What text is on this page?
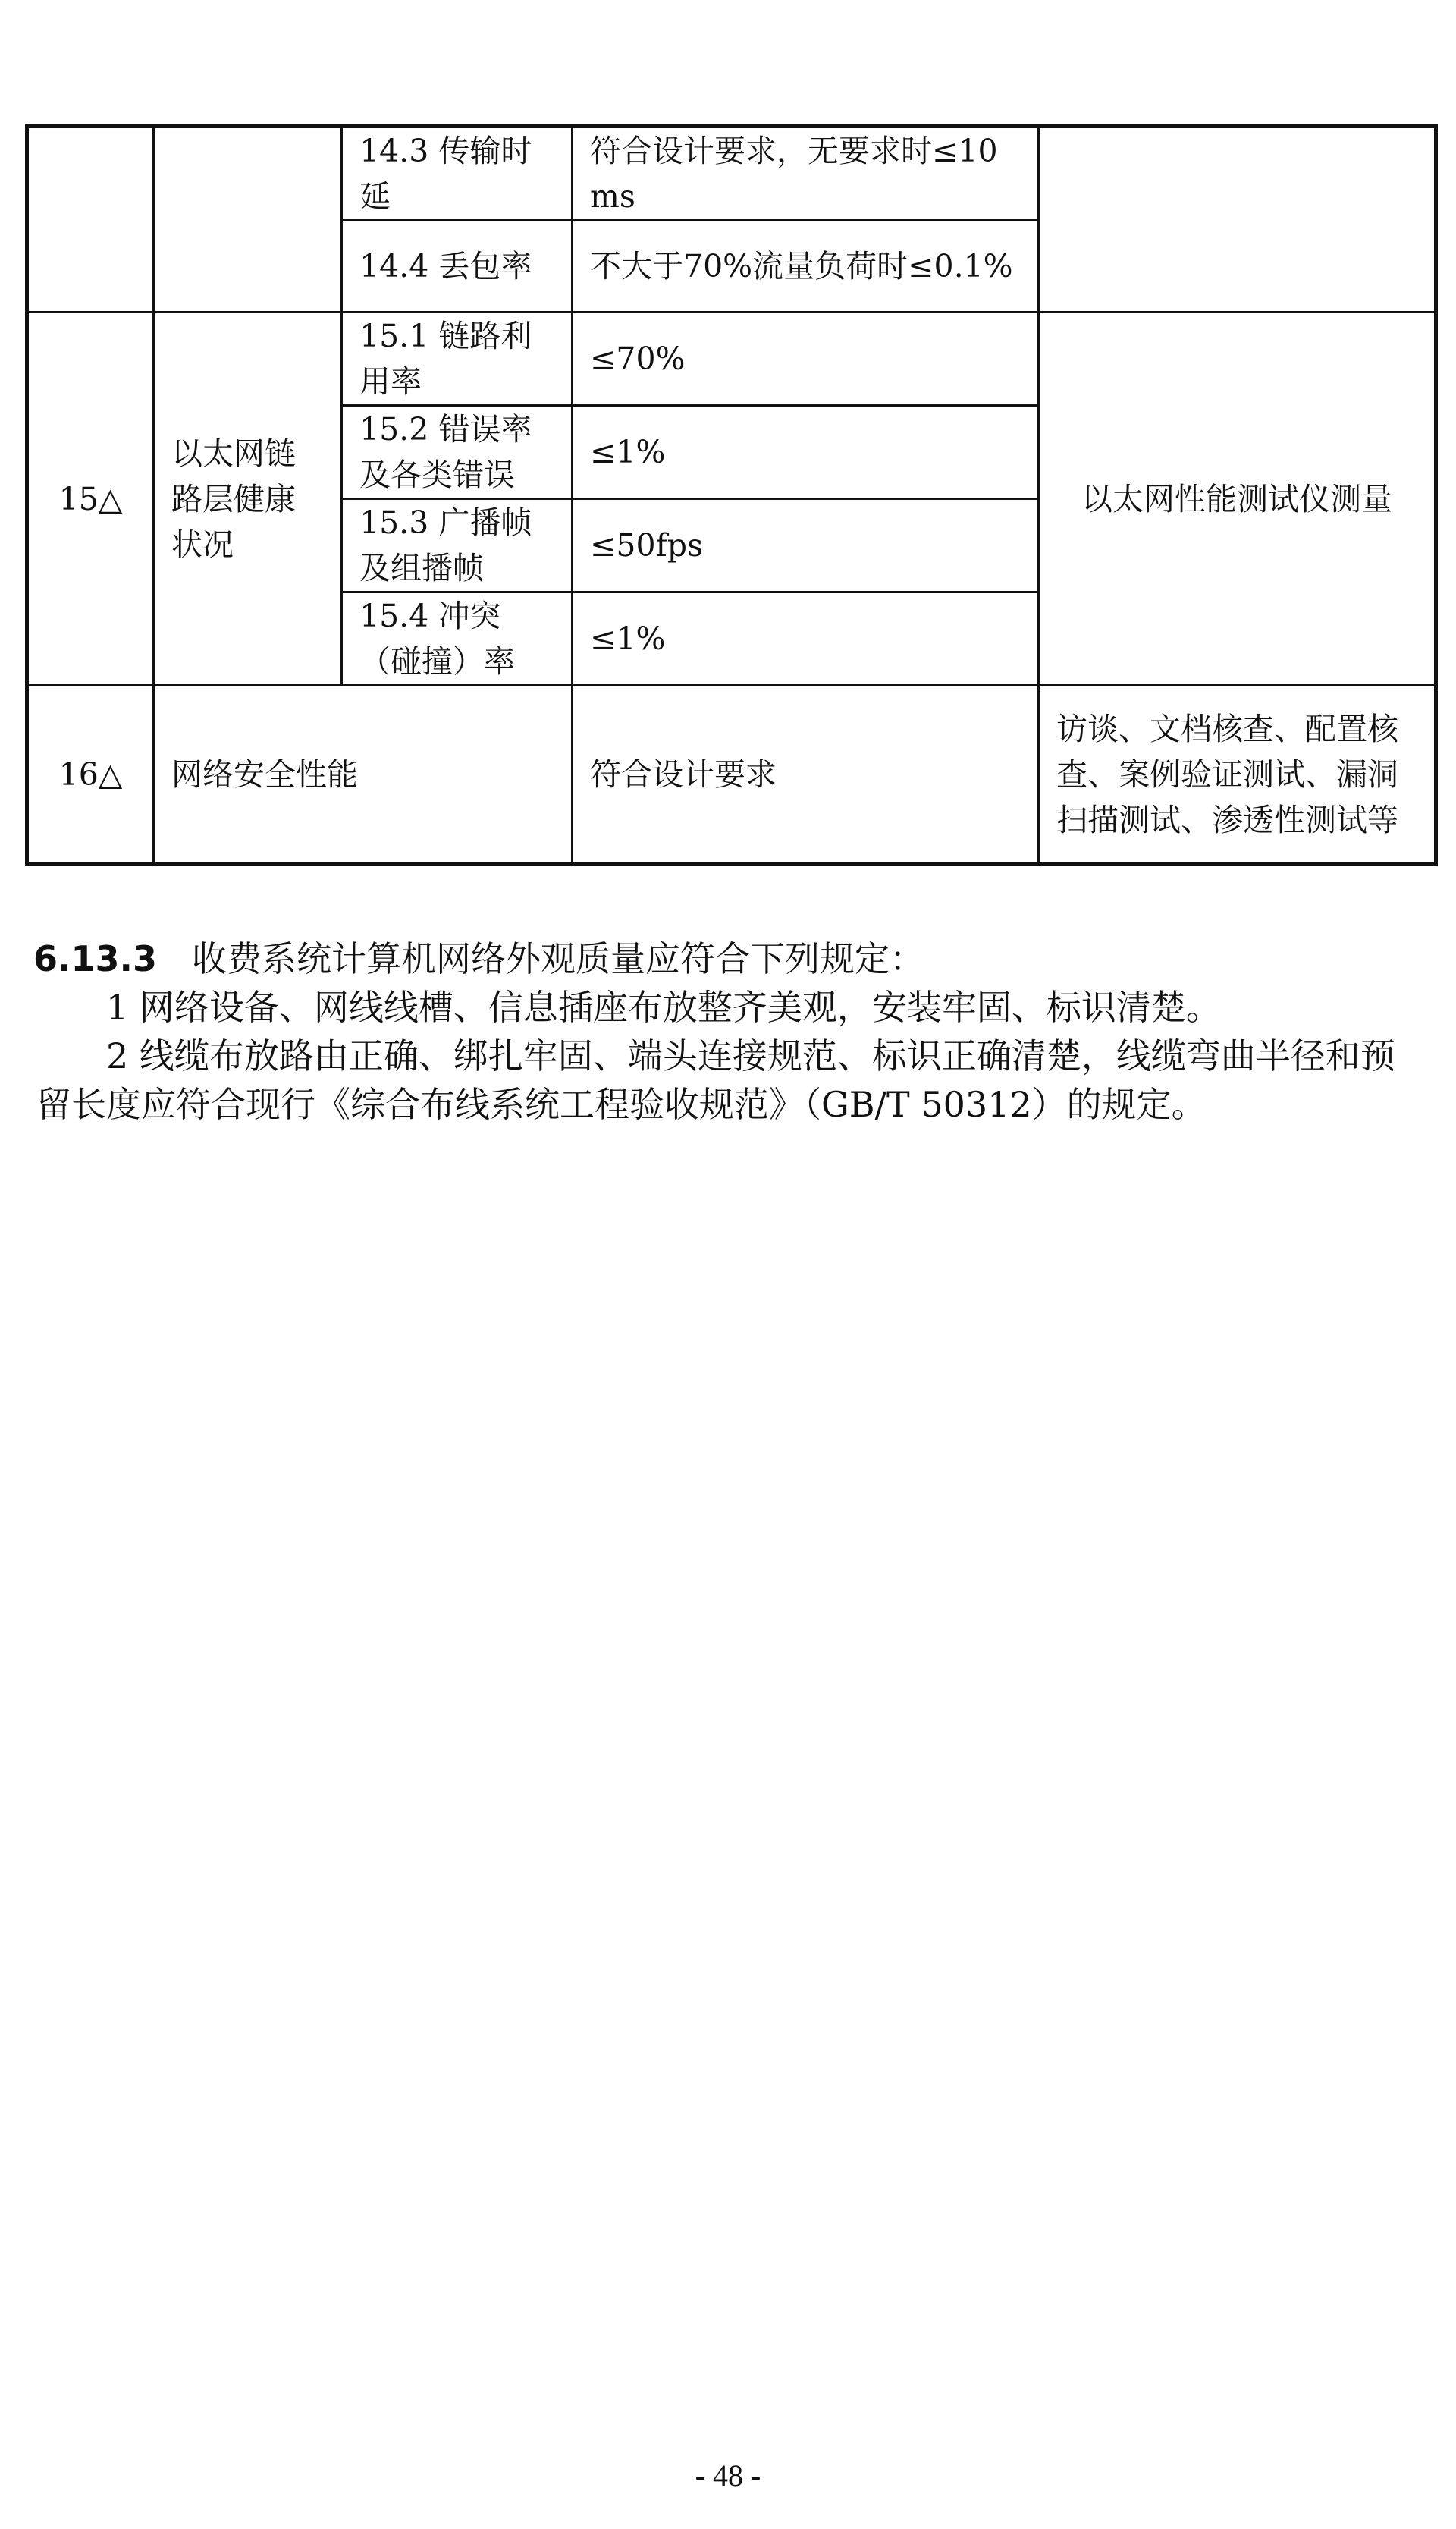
		14.3 传输时延	符合设计要求，无要求时≤10ms	
		14.4 丢包率	不大于70%流量负荷时≤0.1%	
15△	以太网链路层健康状况	15.1 链路利用率	≤70%	以太网性能测试仪测量
		15.2 错误率及各类错误	≤1%	
		15.3 广播帧及组播帧	≤50fps	
		15.4 冲突（碰撞）率	≤1%	
16△	网络安全性能		符合设计要求	访谈、文档核查、配置核查、案例验证测试、漏洞扫描测试、渗透性测试等

6.13.3 收费系统计算机网络外观质量应符合下列规定：

1 网络设备、网线线槽、信息插座布放整齐美观，安装牢固、标识清楚。

2 线缆布放路由正确、绑扎牢固、端头连接规范、标识正确清楚，线缆弯曲半径和预留长度应符合现行《综合布线系统工程验收规范》（GB/T 50312）的规定。

- 48 -
